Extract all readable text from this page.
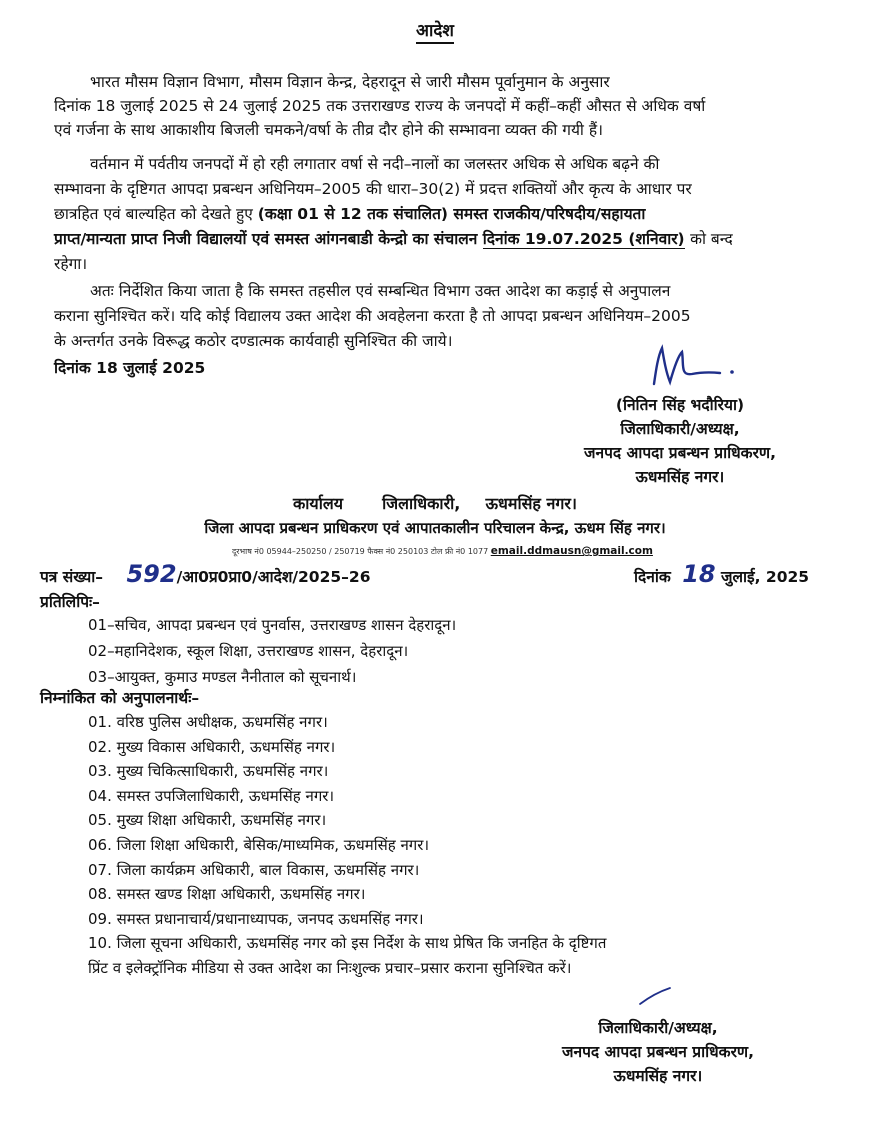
आदेश
भारत मौसम विज्ञान विभाग, मौसम विज्ञान केन्द्र, देहरादून से जारी मौसम पूर्वानुमान के अनुसार
दिनांक 18 जुलाई 2025 से 24 जुलाई 2025 तक उत्तराखण्ड राज्य के जनपदों में कहीं–कहीं औसत से अधिक वर्षा
एवं गर्जना के साथ आकाशीय बिजली चमकने/वर्षा के तीव्र दौर होने की सम्भावना व्यक्त की गयी हैं।
वर्तमान में पर्वतीय जनपदों में हो रही लगातार वर्षा से नदी–नालों का जलस्तर अधिक से अधिक बढ़ने की
सम्भावना के दृष्टिगत आपदा प्रबन्धन अधिनियम–2005 की धारा–30(2) में प्रदत्त शक्तियों और कृत्य के आधार पर
छात्रहित एवं बाल्यहित को देखते हुए (कक्षा 01 से 12 तक संचालित) समस्त राजकीय/परिषदीय/सहायता
प्राप्त/मान्यता प्राप्त निजी विद्यालयों एवं समस्त आंगनबाडी केन्द्रो का संचालन दिनांक 19.07.2025 (शनिवार) को बन्द
रहेगा।
अतः निर्देशित किया जाता है कि समस्त तहसील एवं सम्बन्धित विभाग उक्त आदेश का कड़ाई से अनुपालन
कराना सुनिश्चित करें। यदि कोई विद्यालय उक्त आदेश की अवहेलना करता है तो आपदा प्रबन्धन अधिनियम–2005
के अन्तर्गत उनके विरूद्ध कठोर दण्डात्मक कार्यवाही सुनिश्चित की जाये।
दिनांक 18 जुलाई 2025
(नितिन सिंह भदौरिया)
जिलाधिकारी/अध्यक्ष,
जनपद आपदा प्रबन्धन प्राधिकरण,
ऊधमसिंह नगर।
कार्यालय जिलाधिकारी, ऊधमसिंह नगर।
जिला आपदा प्रबन्धन प्राधिकरण एवं आपातकालीन परिचालन केन्द्र, ऊधम सिंह नगर।
दूरभाष नं0 05944–250250 / 250719 फैक्स नं0 250103 टोल फ्री नं0 1077 email.ddmausn@gmail.com
पत्र संख्या– 592/आ0प्र0प्रा0/आदेश/2025–26	दिनांक 18 जुलाई, 2025
प्रतिलिपिः–
01–सचिव, आपदा प्रबन्धन एवं पुनर्वास, उत्तराखण्ड शासन देहरादून।
02–महानिदेशक, स्कूल शिक्षा, उत्तराखण्ड शासन, देहरादून।
03–आयुक्त, कुमाउ मण्डल नैनीताल को सूचनार्थ।
निम्नांकित को अनुपालनार्थः–
01. वरिष्ठ पुलिस अधीक्षक, ऊधमसिंह नगर।
02. मुख्य विकास अधिकारी, ऊधमसिंह नगर।
03. मुख्य चिकित्साधिकारी, ऊधमसिंह नगर।
04. समस्त उपजिलाधिकारी, ऊधमसिंह नगर।
05. मुख्य शिक्षा अधिकारी, ऊधमसिंह नगर।
06. जिला शिक्षा अधिकारी, बेसिक/माध्यमिक, ऊधमसिंह नगर।
07. जिला कार्यक्रम अधिकारी, बाल विकास, ऊधमसिंह नगर।
08. समस्त खण्ड शिक्षा अधिकारी, ऊधमसिंह नगर।
09. समस्त प्रधानाचार्य/प्रधानाध्यापक, जनपद ऊधमसिंह नगर।
10. जिला सूचना अधिकारी, ऊधमसिंह नगर को इस निर्देश के साथ प्रेषित कि जनहित के दृष्टिगत
प्रिंट व इलेक्ट्रॉनिक मीडिया से उक्त आदेश का निःशुल्क प्रचार–प्रसार कराना सुनिश्चित करें।
जिलाधिकारी/अध्यक्ष,
जनपद आपदा प्रबन्धन प्राधिकरण,
ऊधमसिंह नगर।
